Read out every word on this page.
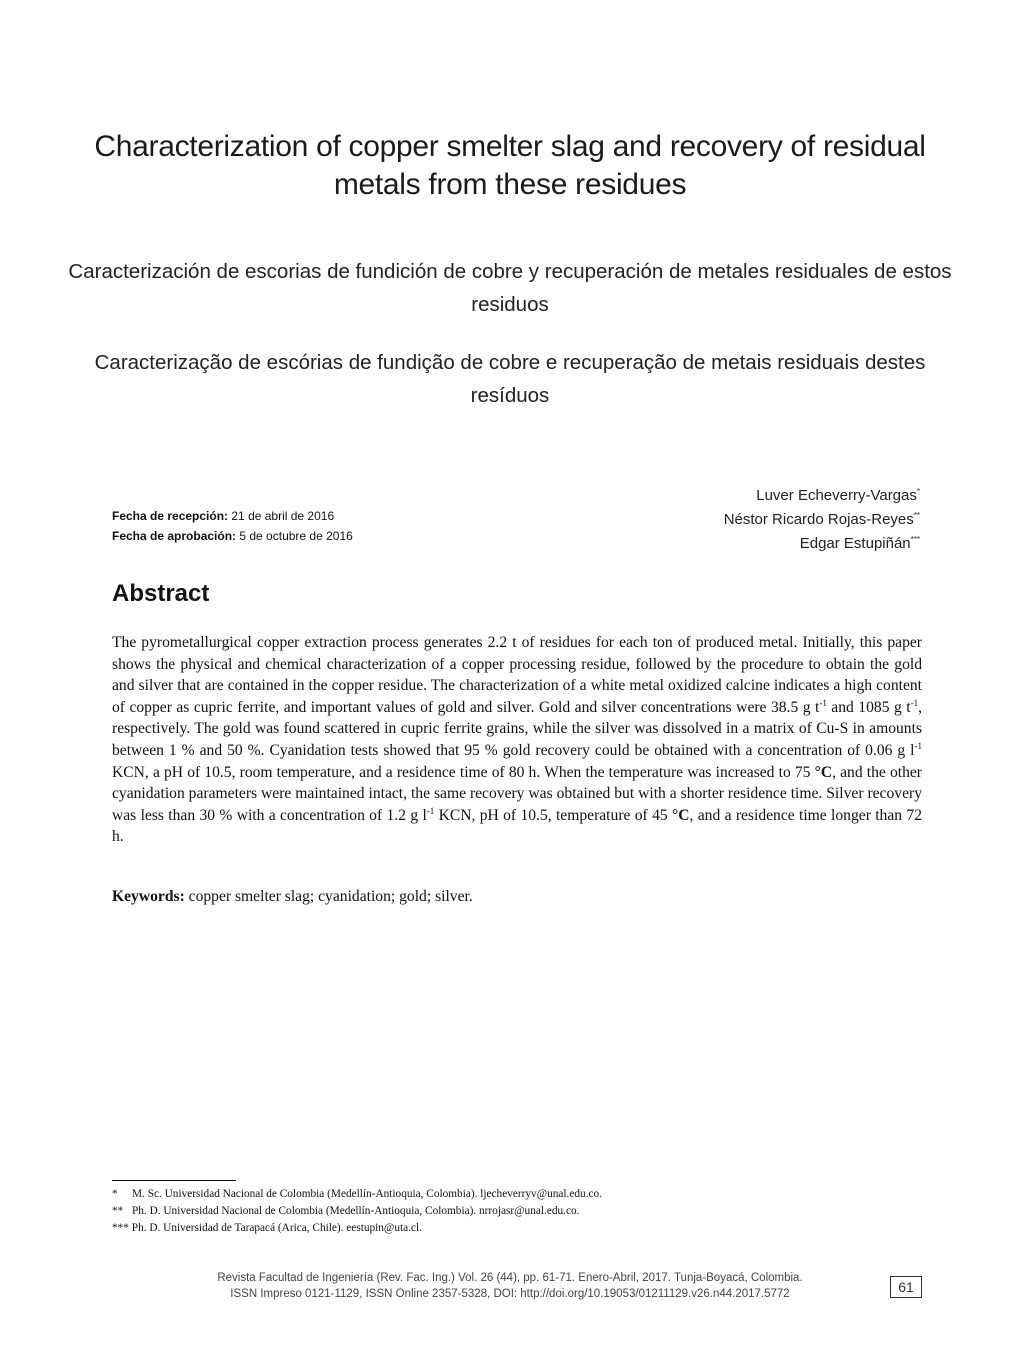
Characterization of copper smelter slag and recovery of residual metals from these residues
Caracterización de escorias de fundición de cobre y recuperación de metales residuales de estos residuos
Caracterização de escórias de fundição de cobre e recuperação de metais residuais destes resíduos
Luver Echeverry-Vargas*
Néstor Ricardo Rojas-Reyes**
Edgar Estupiñán***
Fecha de recepción: 21 de abril de 2016
Fecha de aprobación: 5 de octubre de 2016
Abstract
The pyrometallurgical copper extraction process generates 2.2 t of residues for each ton of produced metal. Initially, this paper shows the physical and chemical characterization of a copper processing residue, followed by the procedure to obtain the gold and silver that are contained in the copper residue. The characterization of a white metal oxidized calcine indicates a high content of copper as cupric ferrite, and important values of gold and silver. Gold and silver concentrations were 38.5 g $t^{-1}$ and 1085 g $t^{-1}$, respectively. The gold was found scattered in cupric ferrite grains, while the silver was dissolved in a matrix of Cu-S in amounts between 1 % and 50 %. Cyanidation tests showed that 95 % gold recovery could be obtained with a concentration of 0.06 g $l^{-1}$ KCN, a pH of 10.5, room temperature, and a residence time of 80 h. When the temperature was increased to 75 °C, and the other cyanidation parameters were maintained intact, the same recovery was obtained but with a shorter residence time. Silver recovery was less than 30 % with a concentration of 1.2 g $l^{-1}$ KCN, pH of 10.5, temperature of 45 °C, and a residence time longer than 72 h.
Keywords: copper smelter slag; cyanidation; gold; silver.
* M. Sc. Universidad Nacional de Colombia (Medellín-Antioquia, Colombia). ljecheverryv@unal.edu.co.
** Ph. D. Universidad Nacional de Colombia (Medellín-Antioquia, Colombia). nrrojasr@unal.edu.co.
*** Ph. D. Universidad de Tarapacá (Arica, Chile). eestupin@uta.cl.
Revista Facultad de Ingeniería (Rev. Fac. Ing.) Vol. 26 (44), pp. 61-71. Enero-Abril, 2017. Tunja-Boyacá, Colombia.
ISSN Impreso 0121-1129, ISSN Online 2357-5328, DOI: http://doi.org/10.19053/01211129.v26.n44.2017.5772	61
